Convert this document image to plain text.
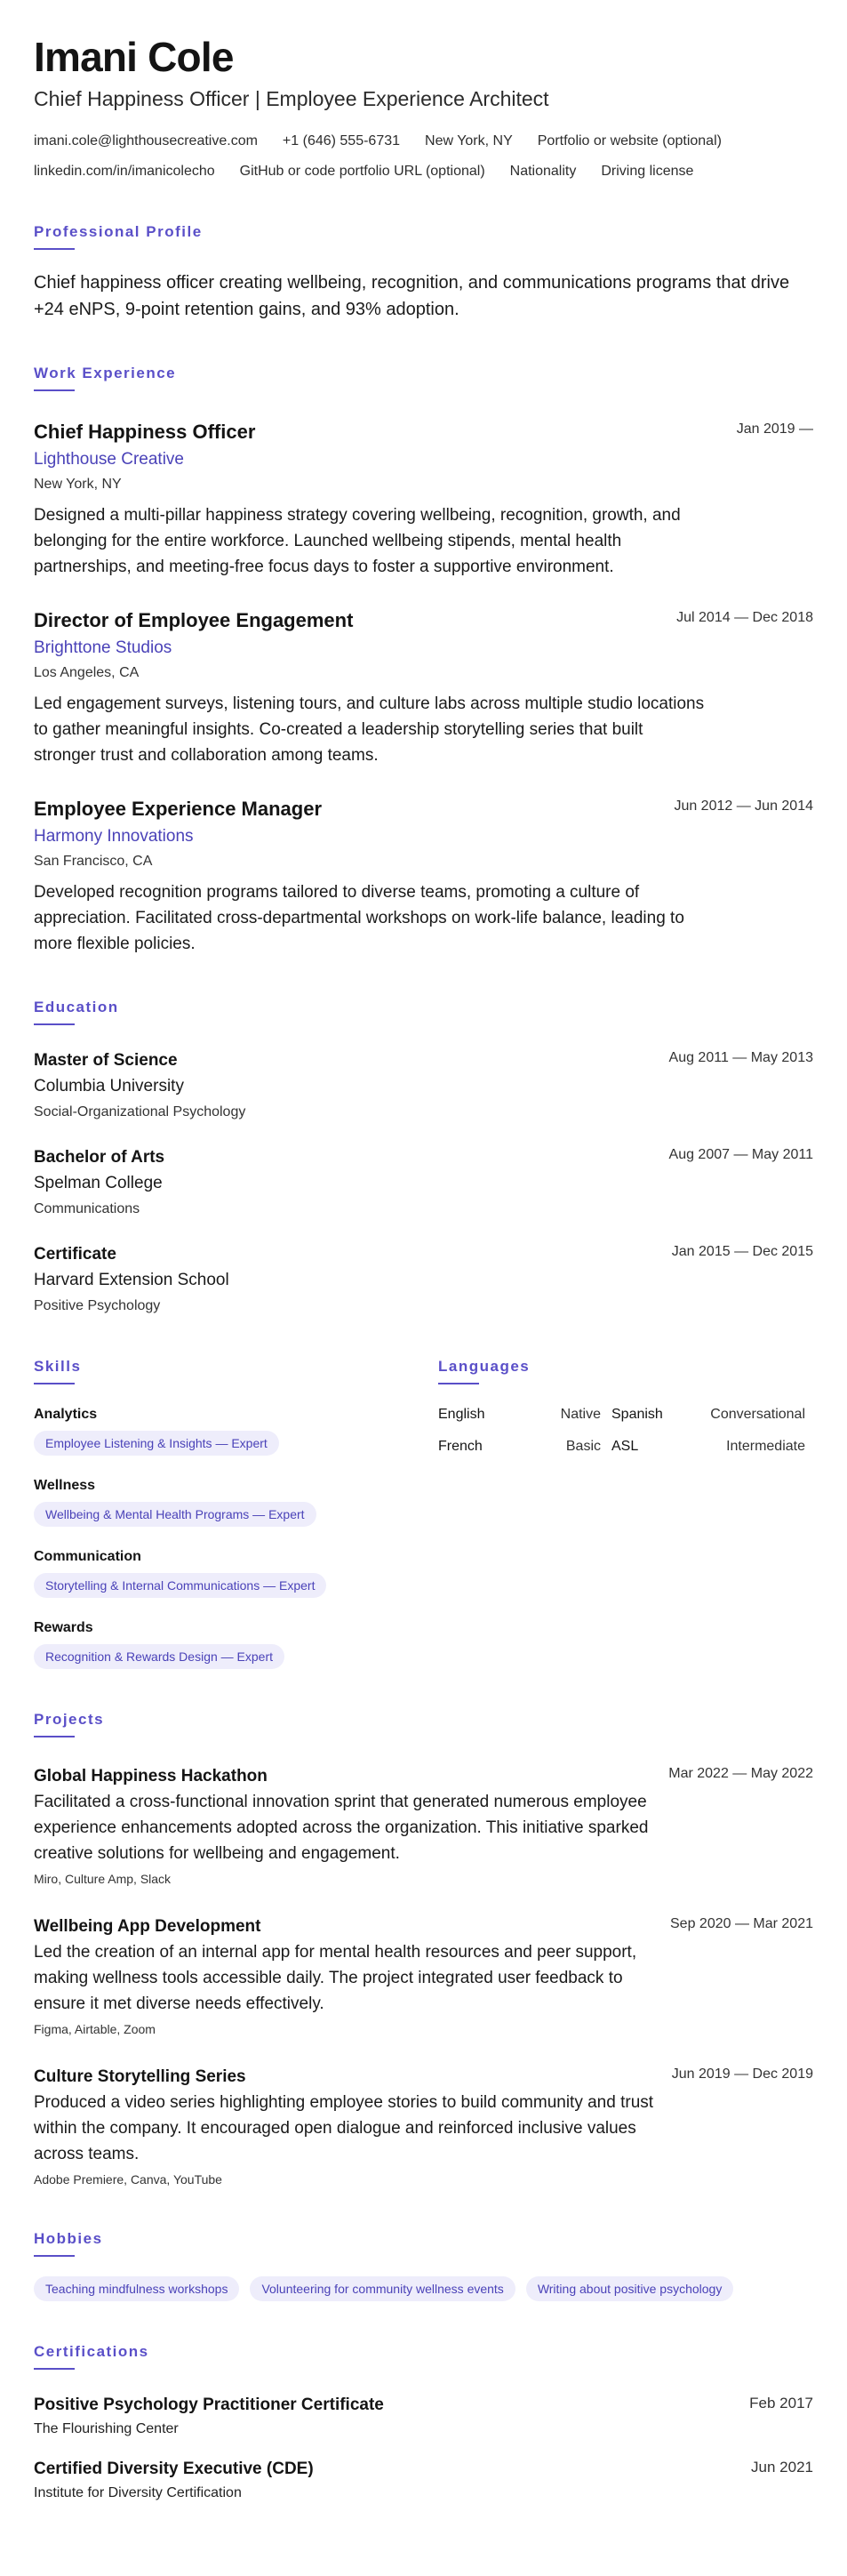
Imani Cole
Chief Happiness Officer | Employee Experience Architect
imani.cole@lighthousecreative.com +1 (646) 555-6731 New York, NY Portfolio or website (optional)
linkedin.com/in/imanicolecho GitHub or code portfolio URL (optional) Nationality Driving license
Professional Profile
Chief happiness officer creating wellbeing, recognition, and communications programs that drive +24 eNPS, 9-point retention gains, and 93% adoption.
Work Experience
Chief Happiness Officer	Jan 2019 —
Lighthouse Creative
New York, NY
Designed a multi-pillar happiness strategy covering wellbeing, recognition, growth, and belonging for the entire workforce. Launched wellbeing stipends, mental health partnerships, and meeting-free focus days to foster a supportive environment.
Director of Employee Engagement	Jul 2014 — Dec 2018
Brighttone Studios
Los Angeles, CA
Led engagement surveys, listening tours, and culture labs across multiple studio locations to gather meaningful insights. Co-created a leadership storytelling series that built stronger trust and collaboration among teams.
Employee Experience Manager	Jun 2012 — Jun 2014
Harmony Innovations
San Francisco, CA
Developed recognition programs tailored to diverse teams, promoting a culture of appreciation. Facilitated cross-departmental workshops on work-life balance, leading to more flexible policies.
Education
Master of Science	Aug 2011 — May 2013
Columbia University
Social-Organizational Psychology
Bachelor of Arts	Aug 2007 — May 2011
Spelman College
Communications
Certificate	Jan 2015 — Dec 2015
Harvard Extension School
Positive Psychology
Skills
Analytics
Employee Listening & Insights — Expert
Wellness
Wellbeing & Mental Health Programs — Expert
Communication
Storytelling & Internal Communications — Expert
Rewards
Recognition & Rewards Design — Expert
Languages
English	Native Spanish	Conversational
French	Basic ASL	Intermediate
Projects
Global Happiness Hackathon	Mar 2022 — May 2022
Facilitated a cross-functional innovation sprint that generated numerous employee experience enhancements adopted across the organization. This initiative sparked creative solutions for wellbeing and engagement.
Miro, Culture Amp, Slack
Wellbeing App Development	Sep 2020 — Mar 2021
Led the creation of an internal app for mental health resources and peer support, making wellness tools accessible daily. The project integrated user feedback to ensure it met diverse needs effectively.
Figma, Airtable, Zoom
Culture Storytelling Series	Jun 2019 — Dec 2019
Produced a video series highlighting employee stories to build community and trust within the company. It encouraged open dialogue and reinforced inclusive values across teams.
Adobe Premiere, Canva, YouTube
Hobbies
Teaching mindfulness workshops	Volunteering for community wellness events	Writing about positive psychology
Certifications
Positive Psychology Practitioner Certificate	Feb 2017
The Flourishing Center
Certified Diversity Executive (CDE)	Jun 2021
Institute for Diversity Certification
